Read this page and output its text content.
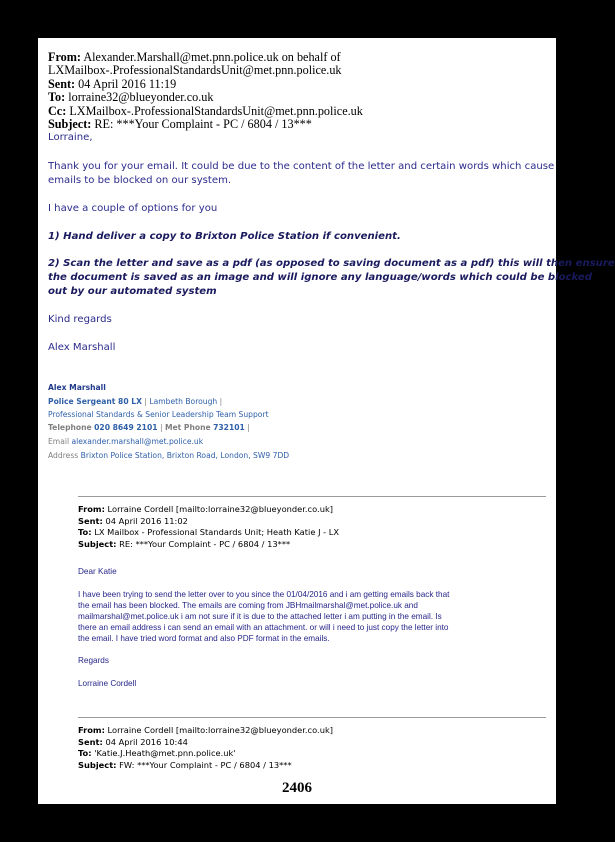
From: Alexander.Marshall@met.pnn.police.uk on behalf of
LXMailbox-.ProfessionalStandardsUnit@met.pnn.police.uk
Sent: 04 April 2016 11:19
To: lorraine32@blueyonder.co.uk
Cc: LXMailbox-.ProfessionalStandardsUnit@met.pnn.police.uk
Subject: RE: ***Your Complaint - PC / 6804 / 13***
Lorraine,
Thank you for your email. It could be due to the content of the letter and certain words which cause
emails to be blocked on our system.
I have a couple of options for you
1) Hand deliver a copy to Brixton Police Station if convenient.
2) Scan the letter and save as a pdf (as opposed to saving document as a pdf) this will then ensure
the document is saved as an image and will ignore any language/words which could be blocked
out by our automated system
Kind regards
Alex Marshall
Alex Marshall
Police Sergeant 80 LX | Lambeth Borough |
Professional Standards & Senior Leadership Team Support
Telephone 020 8649 2101 | Met Phone 732101 |
Email alexander.marshall@met.police.uk
Address Brixton Police Station, Brixton Road, London, SW9 7DD
From: Lorraine Cordell [mailto:lorraine32@blueyonder.co.uk]
Sent: 04 April 2016 11:02
To: LX Mailbox - Professional Standards Unit; Heath Katie J - LX
Subject: RE: ***Your Complaint - PC / 6804 / 13***
Dear Katie
I have been trying to send the letter over to you since the 01/04/2016 and i am getting emails back that
the email has been blocked. The emails are coming from JBHmailmarshal@met.police.uk and
mailmarshal@met.police.uk i am not sure if it is due to the attached letter i am putting in the email. Is
there an email address i can send an email with an attachment. or will i need to just copy the letter into
the email. I have tried word format and also PDF format in the emails.
Regards
Lorraine Cordell
From: Lorraine Cordell [mailto:lorraine32@blueyonder.co.uk]
Sent: 04 April 2016 10:44
To: 'Katie.J.Heath@met.pnn.police.uk'
Subject: FW: ***Your Complaint - PC / 6804 / 13***
2406
